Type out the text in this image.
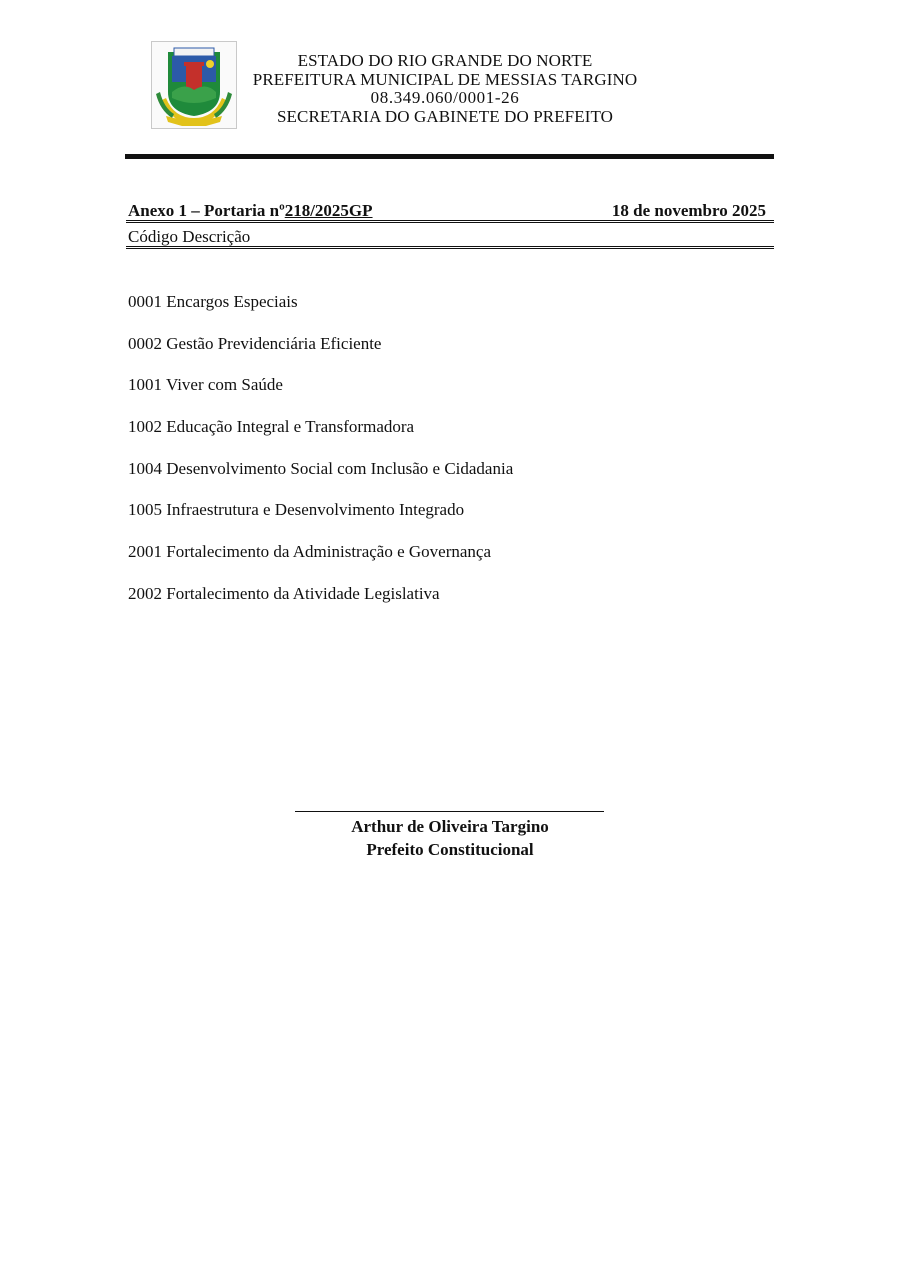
ESTADO DO RIO GRANDE DO NORTE
PREFEITURA MUNICIPAL DE MESSIAS TARGINO
08.349.060/0001-26
SECRETARIA DO GABINETE DO PREFEITO
Anexo 1 – Portaria nº218/2025GP	18 de novembro 2025
Código Descrição
0001 Encargos Especiais
0002 Gestão Previdenciária Eficiente
1001 Viver com Saúde
1002 Educação Integral e Transformadora
1004 Desenvolvimento Social com Inclusão e Cidadania
1005 Infraestrutura e Desenvolvimento Integrado
2001 Fortalecimento da Administração e Governança
2002 Fortalecimento da Atividade Legislativa
Arthur de Oliveira Targino
Prefeito Constitucional
